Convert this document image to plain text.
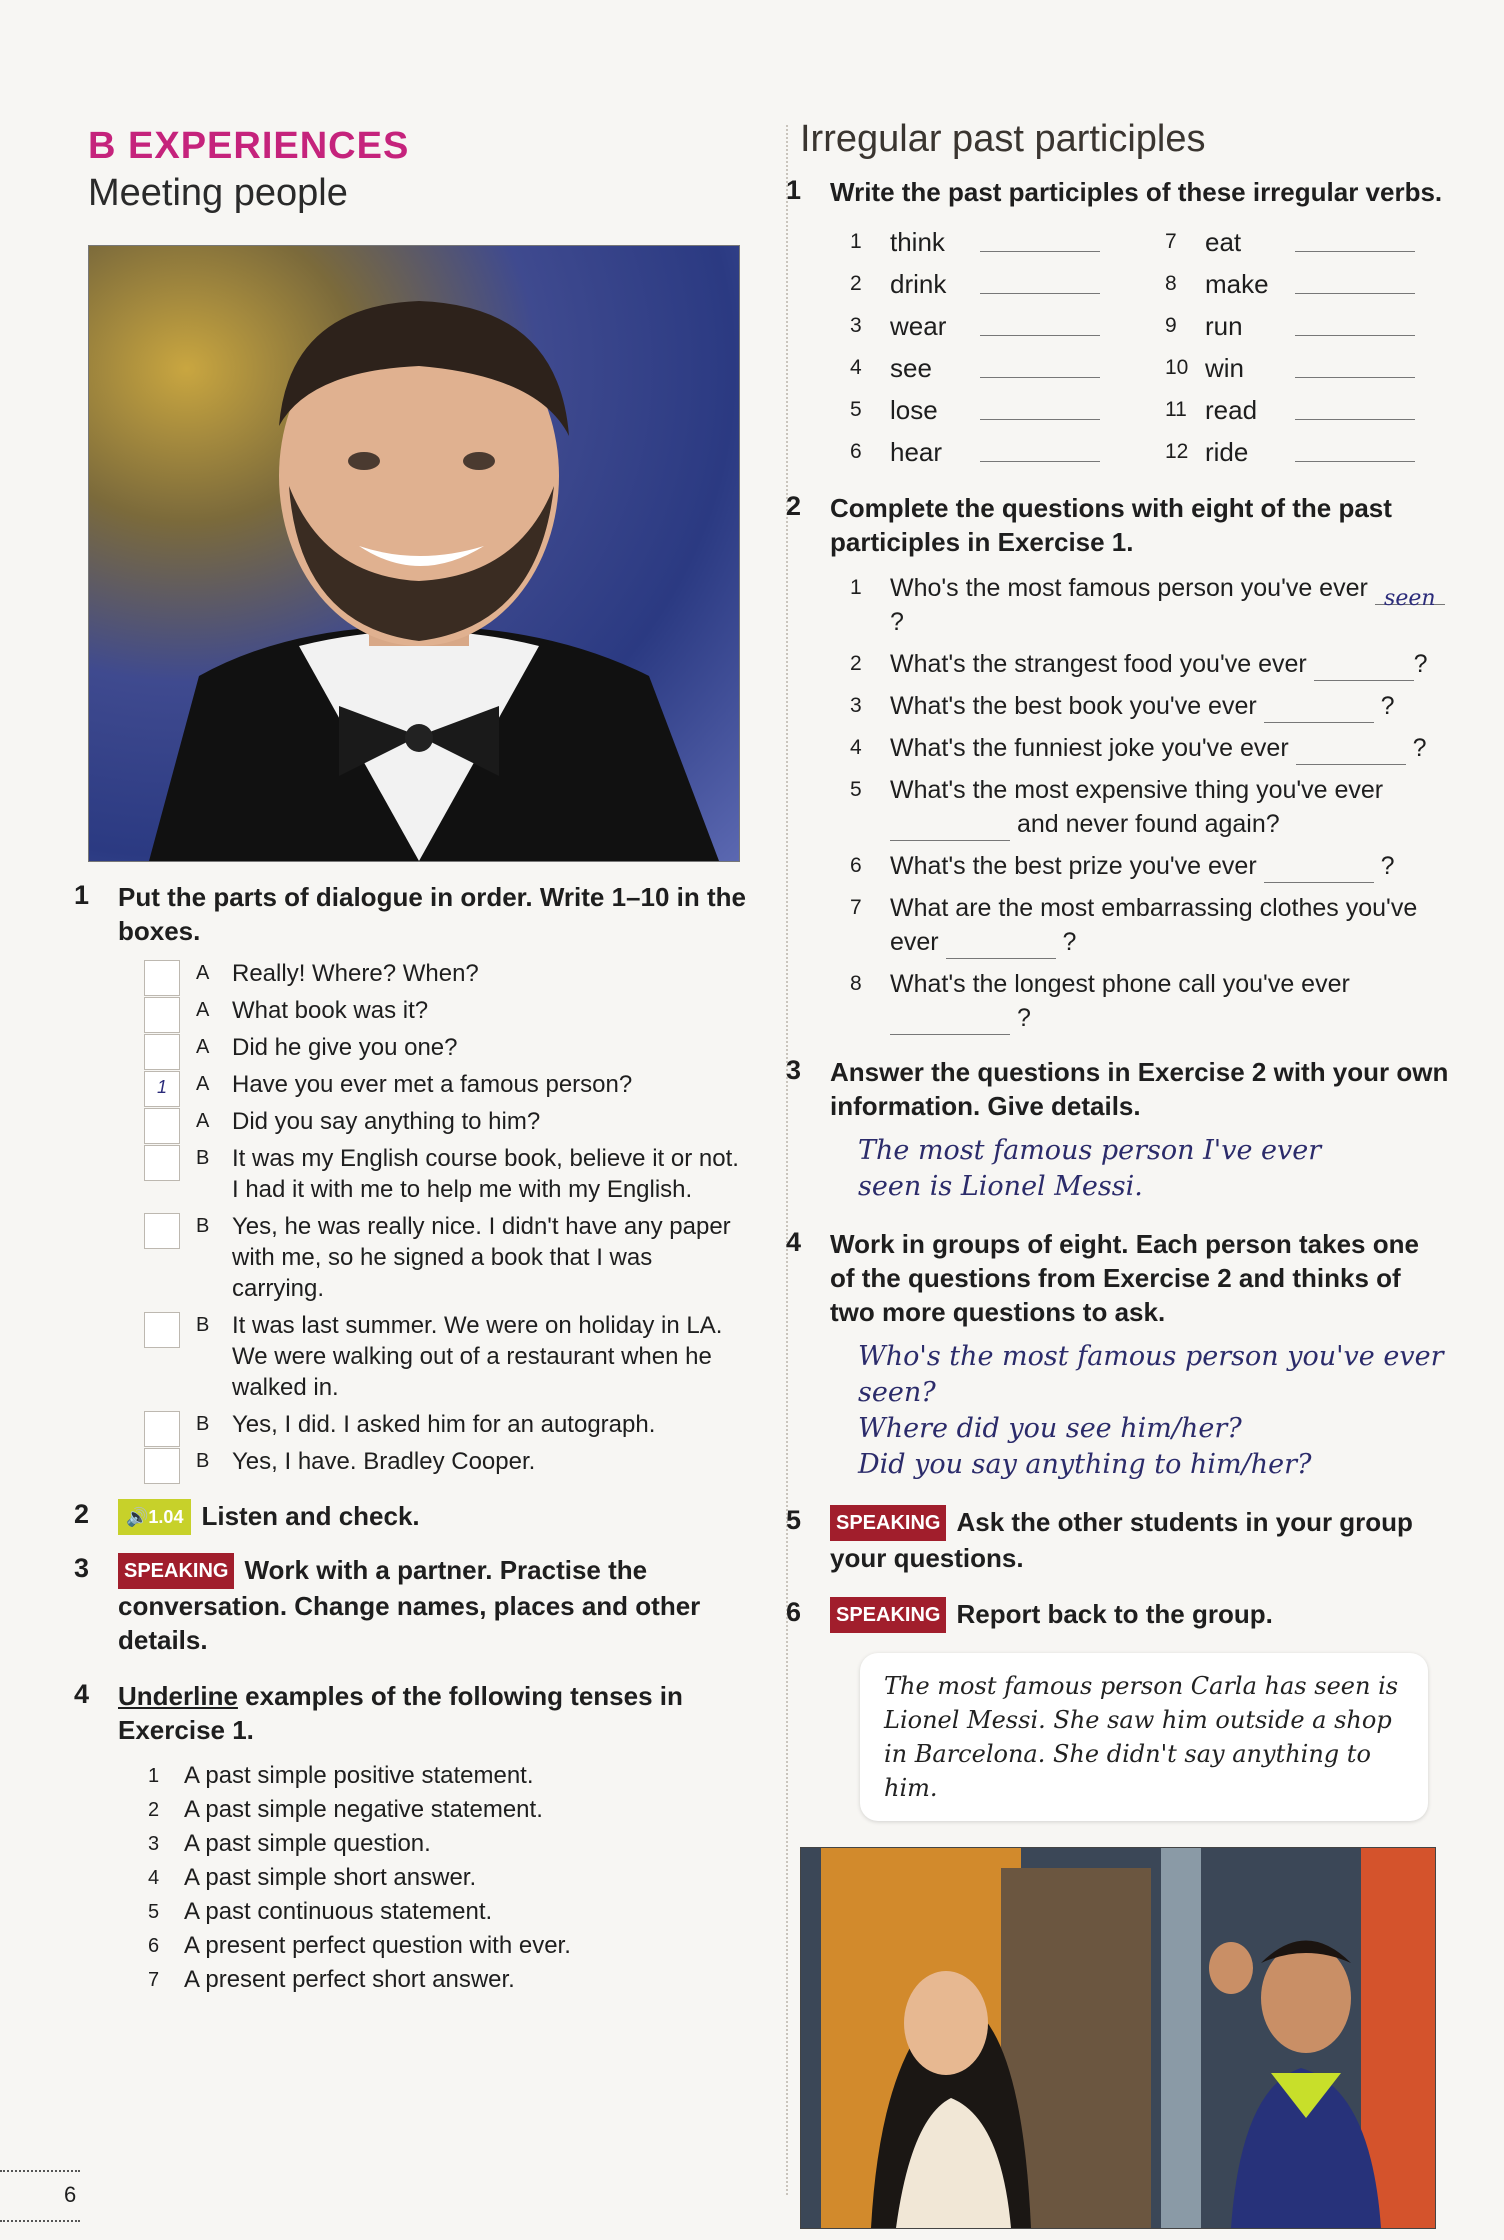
B EXPERIENCES
Meeting people
1	Put the parts of dialogue in order. Write 1–10 in the boxes.
A Really! Where? When?
A What book was it?
A Did he give you one?
1	A Have you ever met a famous person?
A Did you say anything to him?
B It was my English course book, believe it or not. I had it with me to help me with my English.
B Yes, he was really nice. I didn't have any paper with me, so he signed a book that I was carrying.
B It was last summer. We were on holiday in LA. We were walking out of a restaurant when he walked in.
B Yes, I did. I asked him for an autograph.
B Yes, I have. Bradley Cooper.
2	🔊1.04 Listen and check.
3	SPEAKING Work with a partner. Practise the conversation. Change names, places and other details.
4	Underline examples of the following tenses in Exercise 1.
1 A past simple positive statement.
2 A past simple negative statement.
3 A past simple question.
4 A past simple short answer.
5 A past continuous statement.
6 A present perfect question with ever.
7 A present perfect short answer.
6
Irregular past participles
1	Write the past participles of these irregular verbs.
1 think	7 eat
2 drink	8 make
3 wear	9 run
4 see	10 win
5 lose	11 read
6 hear	12 ride
2	Complete the questions with eight of the past participles in Exercise 1.
1 Who's the most famous person you've ever seen?
2 What's the strangest food you've ever	?
3 What's the best book you've ever	?
4 What's the funniest joke you've ever	?
5 What's the most expensive thing you've ever
and never found again?
6 What's the best prize you've ever	?
7 What are the most embarrassing clothes you've ever	?
8 What's the longest phone call you've ever
?
3	Answer the questions in Exercise 2 with your own information. Give details.
The most famous person I've ever seen is Lionel Messi.
4	Work in groups of eight. Each person takes one of the questions from Exercise 2 and thinks of two more questions to ask.
Who's the most famous person you've ever seen?
Where did you see him/her?
Did you say anything to him/her?
5	SPEAKING Ask the other students in your group your questions.
6	SPEAKING Report back to the group.
The most famous person Carla has seen is Lionel Messi. She saw him outside a shop in Barcelona. She didn't say anything to him.
